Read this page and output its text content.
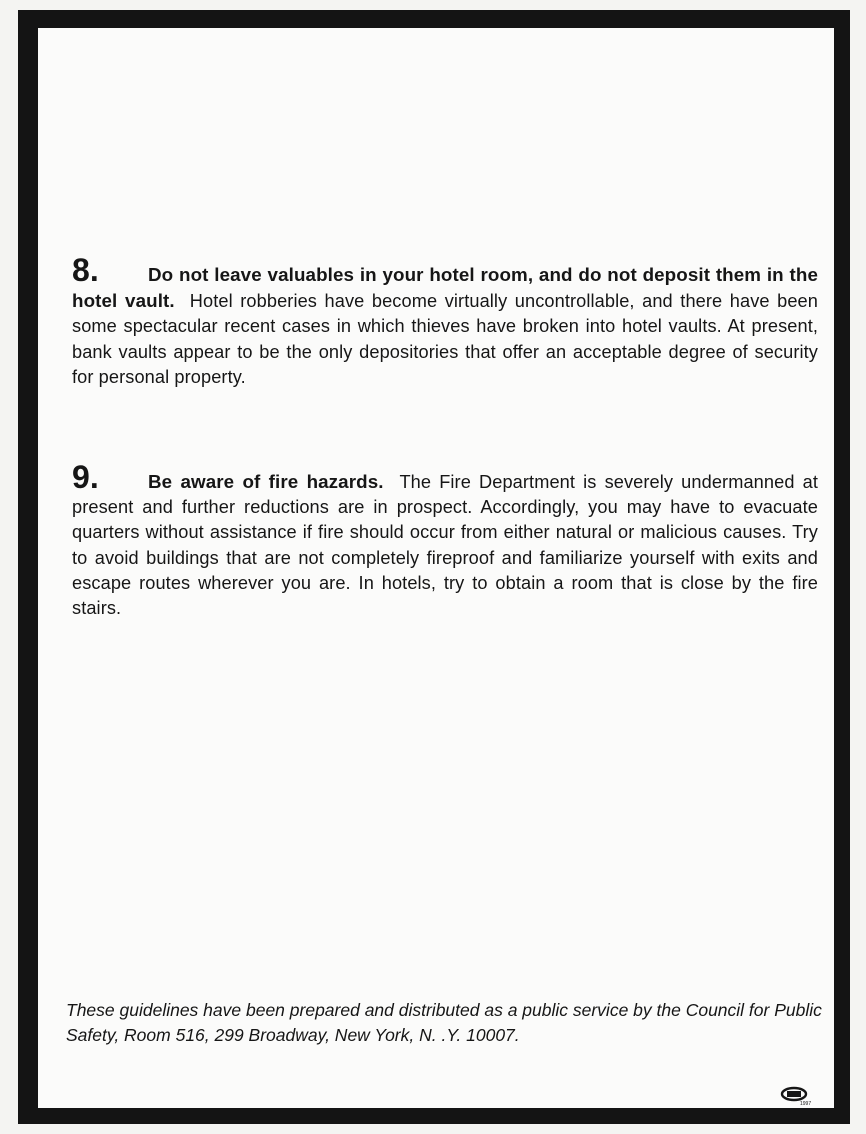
8.	Do not leave valuables in your hotel room, and do not deposit them in the hotel vault. Hotel robberies have become virtually uncontrollable, and there have been some spectacular recent cases in which thieves have broken into hotel vaults. At present, bank vaults appear to be the only depositories that offer an acceptable degree of security for personal property.
9.	Be aware of fire hazards. The Fire Department is severely undermanned at present and further reductions are in prospect. Accordingly, you may have to evacuate quarters without assistance if fire should occur from either natural or malicious causes. Try to avoid buildings that are not completely fireproof and familiarize yourself with exits and escape routes wherever you are. In hotels, try to obtain a room that is close by the fire stairs.
These guidelines have been prepared and distributed as a public service by the Council for Public Safety, Room 516, 299 Broadway, New York, N. .Y. 10007.
1997
